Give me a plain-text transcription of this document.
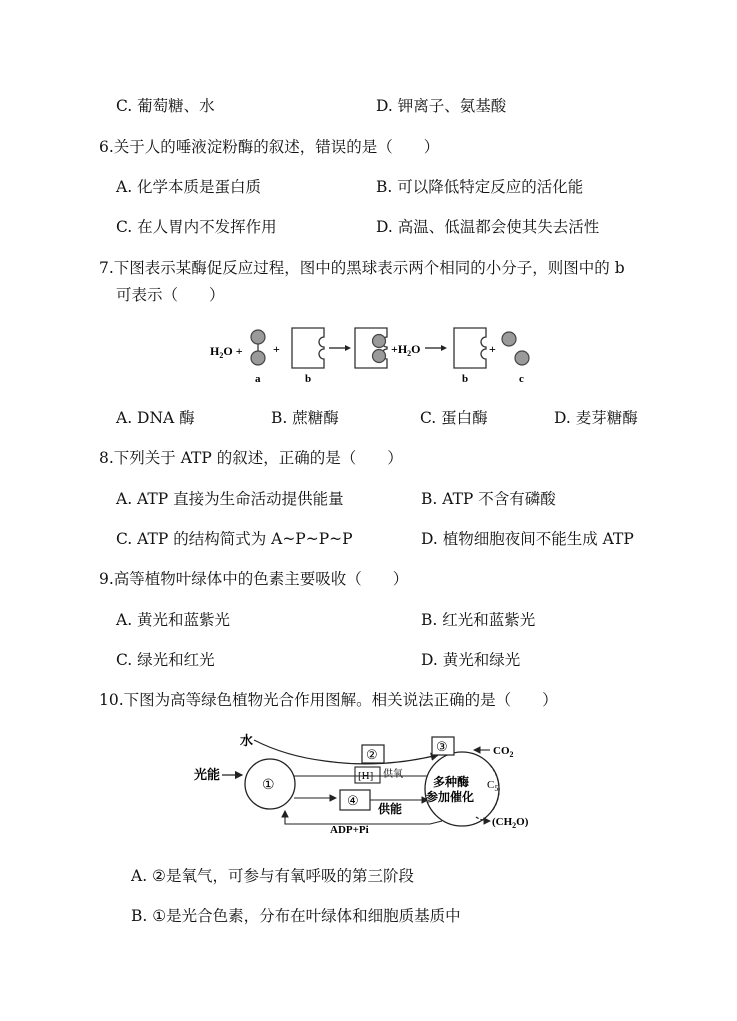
C. 葡萄糖、水	D. 钾离子、氨基酸
6.关于人的唾液淀粉酶的叙述，错误的是（　　）
A. 化学本质是蛋白质	B. 可以降低特定反应的活化能
C. 在人胃内不发挥作用	D. 高温、低温都会使其失去活性
7.下图表示某酶促反应过程，图中的黑球表示两个相同的小分子，则图中的 b
可表示（　　）
$H_2O$ +
a
+
b
$+H_2O$
b
+
c
A. DNA 酶	B. 蔗糖酶	C. 蛋白酶	D. 麦芽糖酶
8.下列关于 ATP 的叙述，正确的是（　　）
A. ATP 直接为生命活动提供能量	B. ATP 不含有磷酸
C. ATP 的结构简式为 A~P~P~P	D. 植物细胞夜间不能生成 ATP
9.高等植物叶绿体中的色素主要吸收（　　）
A. 黄光和蓝紫光	B. 红光和蓝紫光
C. 绿光和红光	D. 黄光和绿光
10.下图为高等绿色植物光合作用图解。相关说法正确的是（　　）
水
光能
①
②
[H] 供氧
④
供能
ADP+Pi
多种酶
参加催化
③	$CO_2$
$C_5$
$(CH_2O)$
A. ②是氧气，可参与有氧呼吸的第三阶段
B. ①是光合色素，分布在叶绿体和细胞质基质中
